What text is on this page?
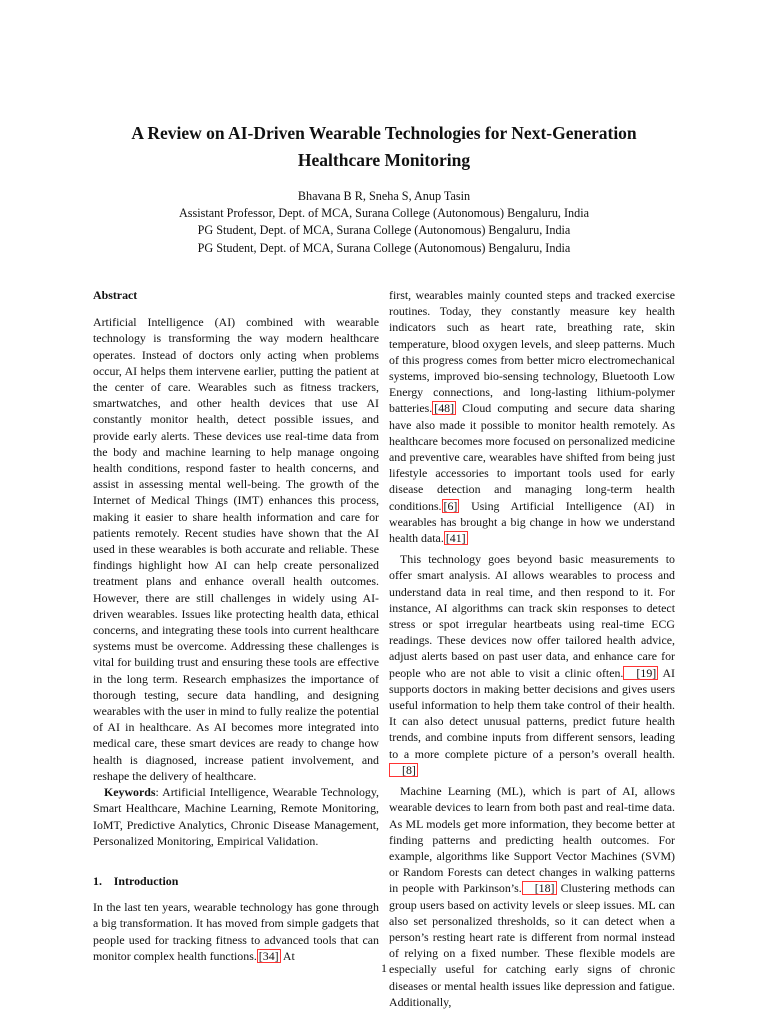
A Review on AI-Driven Wearable Technologies for Next-Generation
Healthcare Monitoring
Bhavana B R, Sneha S, Anup Tasin
Assistant Professor, Dept. of MCA, Surana College (Autonomous) Bengaluru, India
PG Student, Dept. of MCA, Surana College (Autonomous) Bengaluru, India
PG Student, Dept. of MCA, Surana College (Autonomous) Bengaluru, India
Abstract

Artificial Intelligence (AI) combined with wearable technology is transforming the way modern healthcare operates. Instead of doctors only acting when problems occur, AI helps them intervene earlier, putting the patient at the center of care. Wearables such as fitness trackers, smartwatches, and other health devices that use AI constantly monitor health, detect possible issues, and provide early alerts. These devices use real-time data from the body and machine learning to help manage ongoing health conditions, respond faster to health concerns, and assist in assessing mental well-being. The growth of the Internet of Medical Things (IMT) enhances this process, making it easier to share health information and care for patients remotely. Recent studies have shown that the AI used in these wearables is both accurate and reliable. These findings highlight how AI can help create personalized treatment plans and enhance overall health outcomes. However, there are still challenges in widely using AI-driven wearables. Issues like protecting health data, ethical concerns, and integrating these tools into current healthcare systems must be overcome. Addressing these challenges is vital for building trust and ensuring these tools are effective in the long term. Research emphasizes the importance of thorough testing, secure data handling, and designing wearables with the user in mind to fully realize the potential of AI in healthcare. As AI becomes more integrated into medical care, these smart devices are ready to change how health is diagnosed, increase patient involvement, and reshape the delivery of healthcare.

Keywords: Artificial Intelligence, Wearable Technology, Smart Healthcare, Machine Learning, Remote Monitoring, IoMT, Predictive Analytics, Chronic Disease Management, Personalized Monitoring, Empirical Validation.

1. Introduction

In the last ten years, wearable technology has gone through a big transformation. It has moved from simple gadgets that people used for tracking fitness to advanced tools that can monitor complex health functions. [34] At

first, wearables mainly counted steps and tracked exercise routines. Today, they constantly measure key health indicators such as heart rate, breathing rate, skin temperature, blood oxygen levels, and sleep patterns. Much of this progress comes from better micro electromechanical systems, improved bio-sensing technology, Bluetooth Low Energy connections, and long-lasting lithium-polymer batteries. [48] Cloud computing and secure data sharing have also made it possible to monitor health remotely. As healthcare becomes more focused on personalized medicine and preventive care, wearables have shifted from being just lifestyle accessories to important tools used for early disease detection and managing long-term health conditions. [6] Using Artificial Intelligence (AI) in wearables has brought a big change in how we understand health data. [41]

This technology goes beyond basic measurements to offer smart analysis. AI allows wearables to process and understand data in real time, and then respond to it. For instance, AI algorithms can track skin responses to detect stress or spot irregular heartbeats using real-time ECG readings. These devices now offer tailored health advice, adjust alerts based on past user data, and enhance care for people who are not able to visit a clinic often. [19] AI supports doctors in making better decisions and gives users useful information to help them take control of their health. It can also detect unusual patterns, predict future health trends, and combine inputs from different sensors, leading to a more complete picture of a person’s overall health.[8]

Machine Learning (ML), which is part of AI, allows wearable devices to learn from both past and real-time data. As ML models get more information, they become better at finding patterns and predicting health outcomes. For example, algorithms like Support Vector Machines (SVM) or Random Forests can detect changes in walking patterns in people with Parkinson’s. [18] Clustering methods can group users based on activity levels or sleep issues. ML can also set personalized thresholds, so it can detect when a person’s resting heart rate is different from normal instead of relying on a fixed number. These flexible models are especially useful for catching early signs of chronic diseases or mental health issues like depression and fatigue. Additionally,

1
